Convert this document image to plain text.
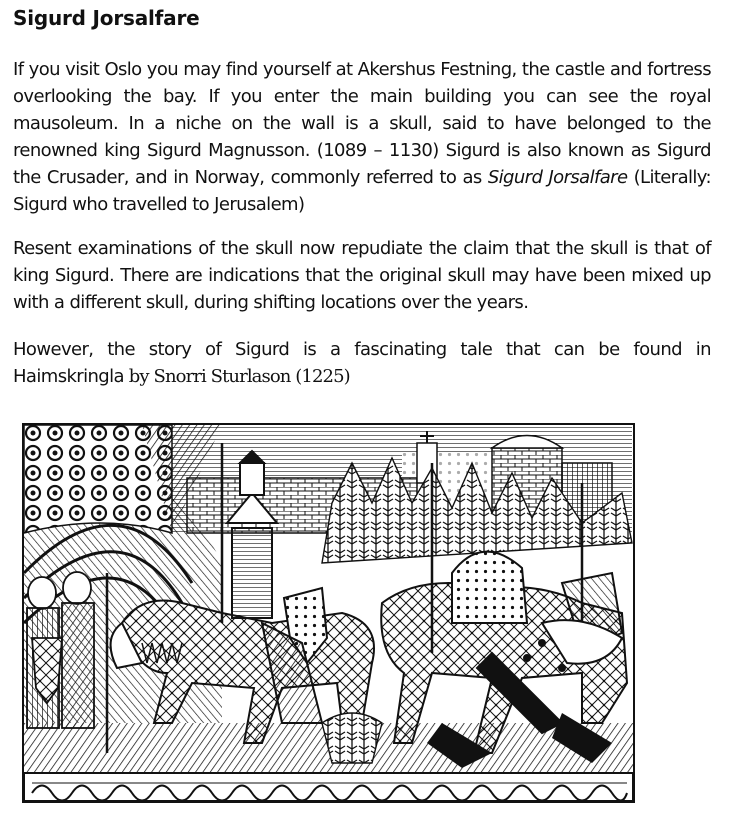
Sigurd Jorsalfare

If you visit Oslo you may find yourself at Akershus Festning, the castle and fortress overlooking the bay. If you enter the main building you can see the royal mausoleum. In a niche on the wall is a skull, said to have belonged to the renowned king Sigurd Magnusson. (1089 – 1130) Sigurd is also known as Sigurd the Crusader, and in Norway, commonly referred to as Sigurd Jorsalfare (Literally: Sigurd who travelled to Jerusalem)

Resent examinations of the skull now repudiate the claim that the skull is that of king Sigurd. There are indications that the original skull may have been mixed up with a different skull, during shifting locations over the years.

However, the story of Sigurd is a fascinating tale that can be found in Haimskringla by Snorri Sturlason (1225)
